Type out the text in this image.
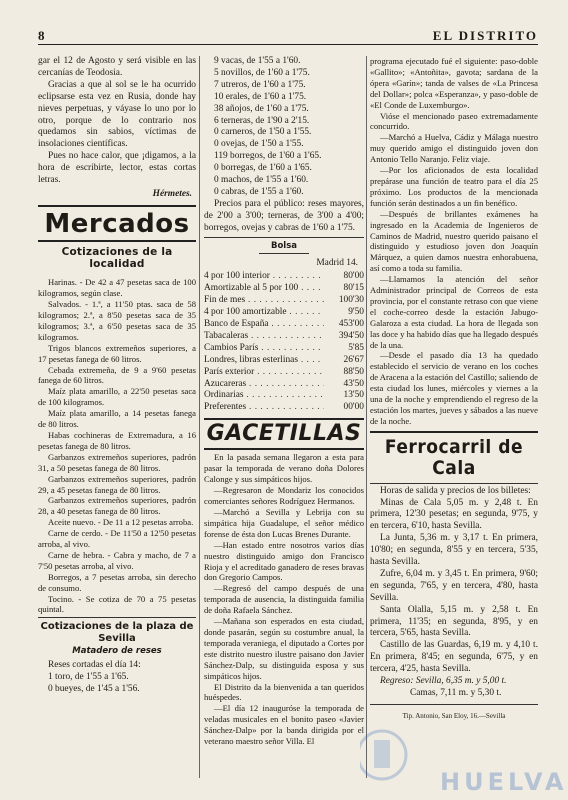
8	EL DISTRITO

gar el 12 de Agosto y será visible en las cercanías de Teodosia.

Gracias a que al sol se le ha ocurrido eclipsarse esta vez en Rusia, donde hay nieves perpetuas, y váyase lo uno por lo otro, porque de lo contrario nos quedamos sin sabios, víctimas de insolaciones científicas.

Pues no hace calor, que ¡digamos, a la hora de escribirte, lector, estas cortas letras.

Hérmetes.
Mercados
Cotizaciones de la localidad

Harinas. - De 42 a 47 pesetas saca de 100 kilogramos, según clase.

Salvados. - 1.ª, a 11'50 ptas. saca de 58 kilogramos; 2.ª, a 8'50 pesetas saca de 35 kilogramos; 3.ª, a 6'50 pesetas saca de 35 kilogramos.

Trigos blancos extremeños superiores, a 17 pesetas fanega de 60 litros.

Cebada extremeña, de 9 a 9'60 pesetas fanega de 60 litros.

Maíz plata amarillo, a 22'50 pesetas saca de 100 kilogramos.

Maíz plata amarillo, a 14 pesetas fanega de 80 litros.

Habas cochineras de Extremadura, a 16 pesetas fanega de 80 litros.

Garbanzos extremeños superiores, padrón 31, a 50 pesetas fanega de 80 litros.

Garbanzos extremeños superiores, padrón 29, a 45 pesetas fanega de 80 litros.

Garbanzos extremeños superiores, padrón 28, a 40 pesetas fanega de 80 litros.

Aceite nuevo. - De 11 a 12 pesetas arroba.

Carne de cerdo. - De 11'50 a 12'50 pesetas arroba, al vivo.

Carne de hebra. - Cabra y macho, de 7 a 7'50 pesetas arroba, al vivo.

Borregos, a 7 pesetas arroba, sin derecho de consumo.

Tocino. - Se cotiza de 70 a 75 pesetas quintal.

Cotizaciones de la plaza de Sevilla
Matadero de reses

Reses cortadas el día 14:

1 toro, de 1'55 a 1'65.

0 bueyes, de 1'45 a 1'56.

9 vacas, de 1'55 a 1'60.

5 novillos, de 1'60 a 1'75.

7 utreros, de 1'60 a 1'75.

10 erales, de 1'60 a 1'75.

38 añojos, de 1'60 a 1'75.

6 terneras, de 1'90 a 2'15.

0 carneros, de 1'50 a 1'55.

0 ovejas, de 1'50 a 1'55.

119 borregos, de 1'60 a 1'65.

0 borregas, de 1'60 a 1'65.

0 machos, de 1'55 a 1'60.

0 cabras, de 1'55 a 1'60.

Precios para el público: reses mayores, de 2'00 a 3'00; terneras, de 3'00 a 4'00; borregos, ovejas y cabras de 1'60 a 1'75.

Bolsa
Madrid 14.
4 por 100 interior . . .	80'00
Amortizable al 5 por 100 . . .	80'15
Fin de mes . . .	100'30
4 por 100 amortizable . . .	9'50
Banco de España . . .	453'00
Tabacaleras . . .	394'50
Cambios París . . .	5'85
Londres, libras esterlinas . . .	26'67
París exterior . . .	88'50
Azucareras . . .	43'50
Ordinarias . . .	13'50
Preferentes . . .	00'00
GACETILLAS

En la pasada semana llegaron a esta para pasar la temporada de verano doña Dolores Calonge y sus simpáticos hijos.

—Regresaron de Mondariz los conocidos comerciantes señores Rodríguez Hermanos.

—Marchó a Sevilla y Lebrija con su simpática hija Guadalupe, el señor médico forense de ésta don Lucas Brenes Durante.

—Han estado entre nosotros varios días nuestro distinguido amigo don Francisco Rioja y el acreditado ganadero de reses bravas don Gregorio Campos.

—Regresó del campo después de una temporada de ausencia, la distinguida familia de doña Rafaela Sánchez.

—Mañana son esperados en esta ciudad, donde pasarán, según su costumbre anual, la temporada veraniega, el diputado a Cortes por este distrito nuestro ilustre paisano don Javier Sánchez-Dalp, su distinguida esposa y sus simpáticos hijos.

El Distrito da la bienvenida a tan queridos huéspedes.

—El día 12 inauguróse la temporada de veladas musicales en el bonito paseo «Javier Sánchez-Dalp» por la banda dirigida por el veterano maestro señor Villa. El

programa ejecutado fué el siguiente: paso-doble «Gallito»; «Antoñita», gavota; sardana de la ópera «Garín»; tanda de valses de «La Princesa del Dollar»; polca «Esperanza», y paso-doble de «El Conde de Luxemburgo».

Vióse el mencionado paseo extremadamente concurrido.

—Marchó a Huelva, Cádiz y Málaga nuestro muy querido amigo el distinguido joven don Antonio Tello Naranjo. Feliz viaje.

—Por los aficionados de esta localidad prepárase una función de teatro para el día 25 próximo. Los productos de la mencionada función serán destinados a un fin benéfico.

—Después de brillantes exámenes ha ingresado en la Academia de Ingenieros de Caminos de Madrid, nuestro querido paisano el distinguido y estudioso joven don Joaquín Márquez, a quien damos nuestra enhorabuena, así como a toda su familia.

—Llamamos la atención del señor Administrador principal de Correos de esta provincia, por el constante retraso con que viene el coche-correo desde la estación Jabugo-Galaroza a esta ciudad. La hora de llegada son las doce y ha habido días que ha llegado después de la una.

—Desde el pasado día 13 ha quedado establecido el servicio de verano en los coches de Aracena a la estación del Castillo; saliendo de esta ciudad los lunes, miércoles y viernes a la una de la noche y emprendiendo el regreso de la estación los martes, jueves y sábados a las nueve de la noche.

Ferrocarril de Cala

Horas de salida y precios de los billetes:

Minas de Cala 5,05 m. y 2,48 t. En primera, 12'30 pesetas; en segunda, 9'75, y en tercera, 6'10, hasta Sevilla.

La Junta, 5,36 m. y 3,17 t. En primera, 10'80; en segunda, 8'55 y en tercera, 5'35, hasta Sevilla.

Zufre, 6,04 m. y 3,45 t. En primera, 9'60; en segunda, 7'65, y en tercera, 4'80, hasta Sevilla.

Santa Olalla, 5,15 m. y 2,58 t. En primera, 11'35; en segunda, 8'95, y en tercera, 5'65, hasta Sevilla.

Castillo de las Guardas, 6,19 m. y 4,10 t. En primera, 8'45; en segunda, 6'75, y en tercera, 4'25, hasta Sevilla.

Regreso: Sevilla, 6,35 m. y 5,00 t.

Camas, 7,11 m. y 5,30 t.

Tip. Antonio, San Eloy, 16.—Sevilla
HUELVA
